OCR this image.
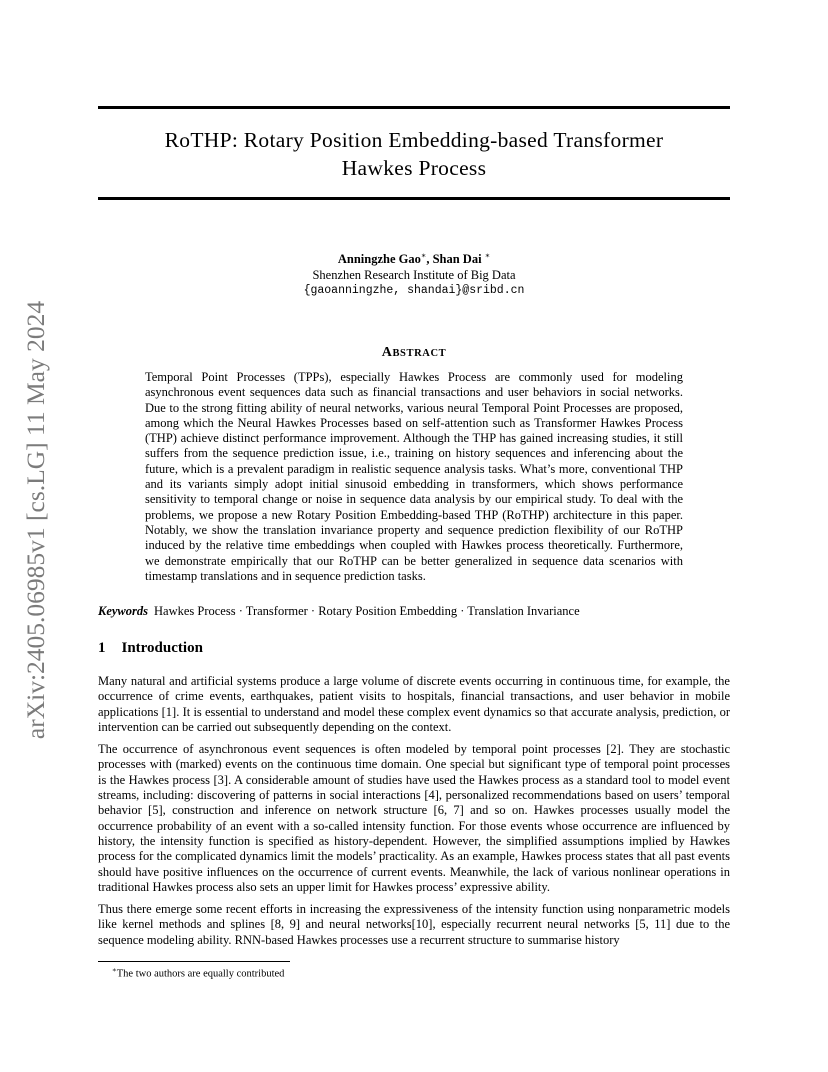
arXiv:2405.06985v1 [cs.LG] 11 May 2024
RoTHP: Rotary Position Embedding-based Transformer
Hawkes Process
Anningzhe Gao∗, Shan Dai ∗
Shenzhen Research Institute of Big Data
{gaoanningzhe, shandai}@sribd.cn
ABSTRACT
Temporal Point Processes (TPPs), especially Hawkes Process are commonly used for modeling asynchronous event sequences data such as financial transactions and user behaviors in social networks. Due to the strong fitting ability of neural networks, various neural Temporal Point Processes are proposed, among which the Neural Hawkes Processes based on self-attention such as Transformer Hawkes Process (THP) achieve distinct performance improvement. Although the THP has gained increasing studies, it still suffers from the sequence prediction issue, i.e., training on history sequences and inferencing about the future, which is a prevalent paradigm in realistic sequence analysis tasks. What’s more, conventional THP and its variants simply adopt initial sinusoid embedding in transformers, which shows performance sensitivity to temporal change or noise in sequence data analysis by our empirical study. To deal with the problems, we propose a new Rotary Position Embedding-based THP (RoTHP) architecture in this paper. Notably, we show the translation invariance property and sequence prediction flexibility of our RoTHP induced by the relative time embeddings when coupled with Hawkes process theoretically. Furthermore, we demonstrate empirically that our RoTHP can be better generalized in sequence data scenarios with timestamp translations and in sequence prediction tasks.
Keywords Hawkes Process · Transformer · Rotary Position Embedding · Translation Invariance
1 Introduction

Many natural and artificial systems produce a large volume of discrete events occurring in continuous time, for example, the occurrence of crime events, earthquakes, patient visits to hospitals, financial transactions, and user behavior in mobile applications [1]. It is essential to understand and model these complex event dynamics so that accurate analysis, prediction, or intervention can be carried out subsequently depending on the context.

The occurrence of asynchronous event sequences is often modeled by temporal point processes [2]. They are stochastic processes with (marked) events on the continuous time domain. One special but significant type of temporal point processes is the Hawkes process [3]. A considerable amount of studies have used the Hawkes process as a standard tool to model event streams, including: discovering of patterns in social interactions [4], personalized recommendations based on users’ temporal behavior [5], construction and inference on network structure [6, 7] and so on. Hawkes processes usually model the occurrence probability of an event with a so-called intensity function. For those events whose occurrence are influenced by history, the intensity function is specified as history-dependent. However, the simplified assumptions implied by Hawkes process for the complicated dynamics limit the models’ practicality. As an example, Hawkes process states that all past events should have positive influences on the occurrence of current events. Meanwhile, the lack of various nonlinear operations in traditional Hawkes process also sets an upper limit for Hawkes process’ expressive ability.

Thus there emerge some recent efforts in increasing the expressiveness of the intensity function using nonparametric models like kernel methods and splines [8, 9] and neural networks[10], especially recurrent neural networks [5, 11] due to the sequence modeling ability. RNN-based Hawkes processes use a recurrent structure to summarise history

∗The two authors are equally contributed
